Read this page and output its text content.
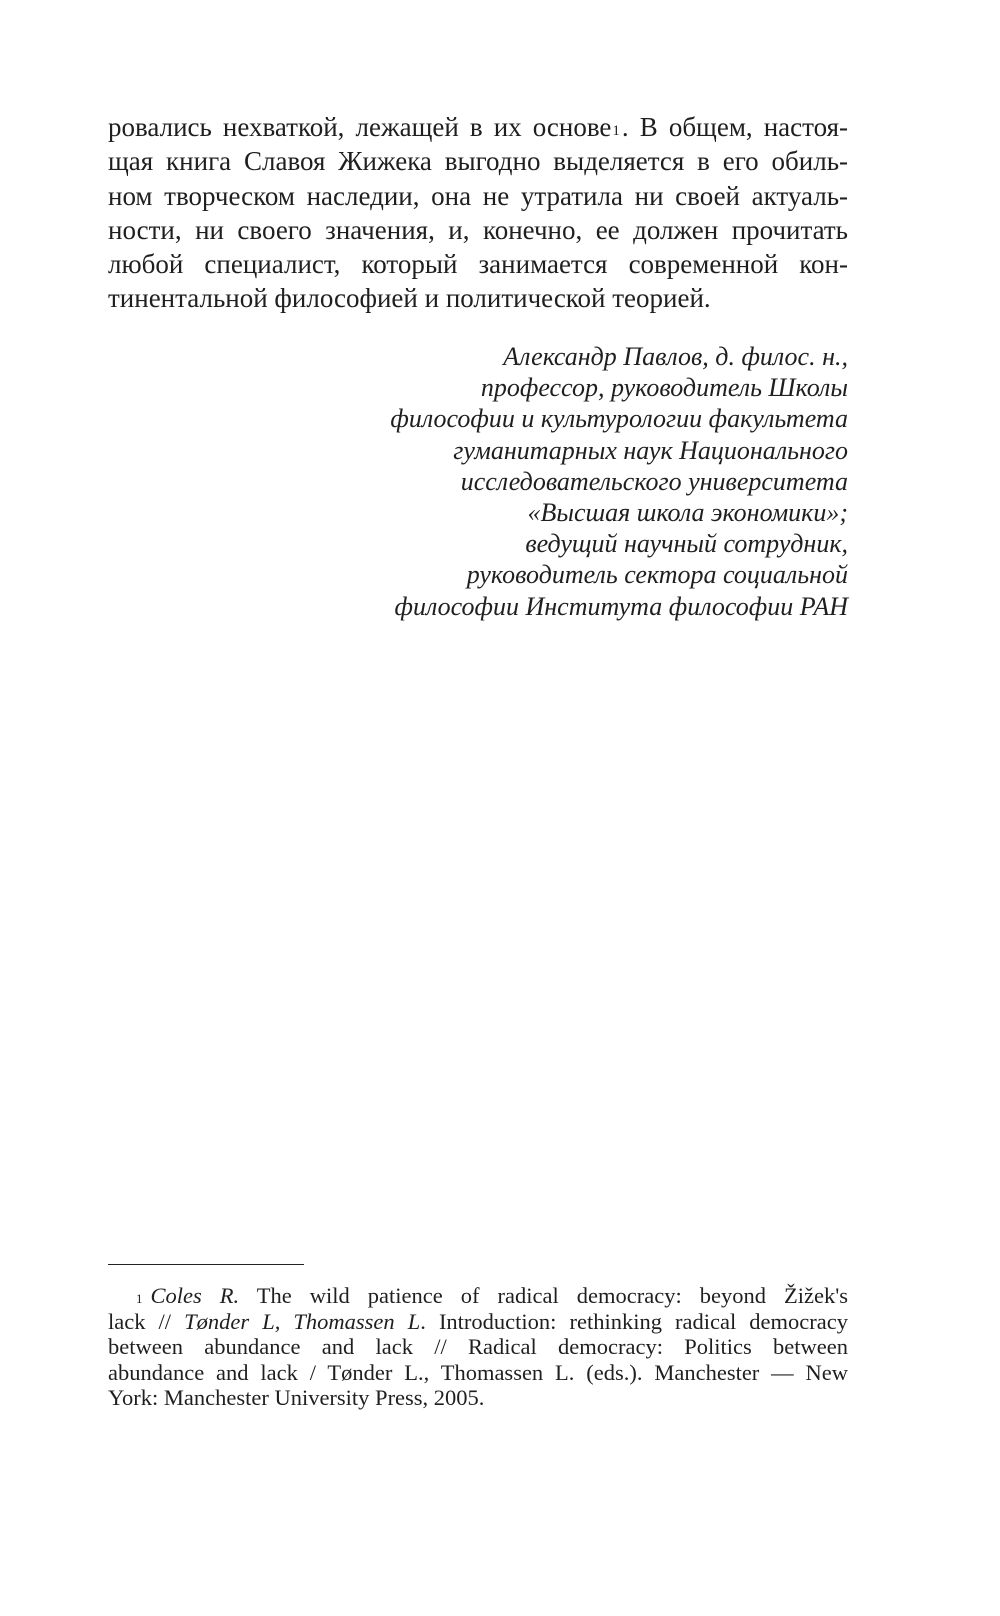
ровались нехваткой, лежащей в их основе$^1$. В общем, настоя-
щая книга Славоя Жижека выгодно выделяется в его обиль-
ном творческом наследии, она не утратила ни своей актуаль-
ности, ни своего значения, и, конечно, ее должен прочитать
любой специалист, который занимается современной кон-
тинентальной философией и политической теорией.
Александр Павлов, д. филос. н.,
профессор, руководитель Школы
философии и культурологии факультета
гуманитарных наук Национального
исследовательского университета
«Высшая школа экономики»;
ведущий научный сотрудник,
руководитель сектора социальной
философии Института философии РАН
$^1$ Coles R. The wild patience of radical democracy: beyond Žižek's
lack // Tønder L, Thomassen L. Introduction: rethinking radical democracy
between abundance and lack // Radical democracy: Politics between
abundance and lack / Tønder L., Thomassen L. (eds.). Manchester — New
York: Manchester University Press, 2005.
